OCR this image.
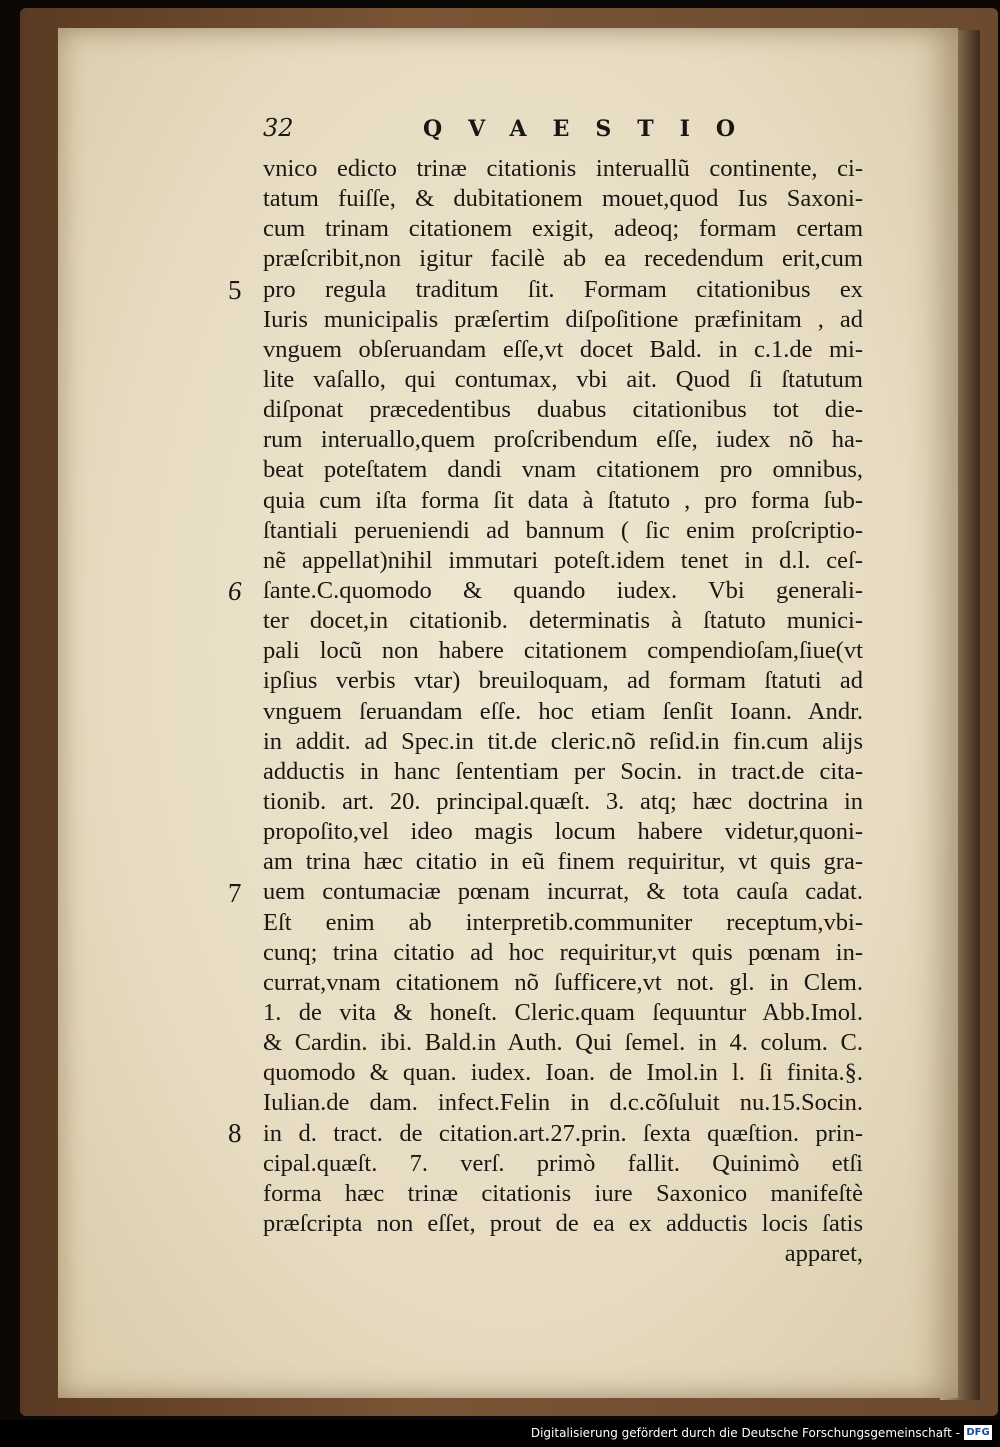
32	QVAESTIO
vnico edicto trinæ citationis interuallũ continente, ci-
tatum fuiſſe, & dubitationem mouet,quod Ius Saxoni-
cum trinam citationem exigit, adeoq; formam certam
præſcribit,non igitur facilè ab ea recedendum erit,cum
pro regula traditum ſit. Formam citationibus ex
Iuris municipalis præſertim diſpoſitione præfinitam , ad
vnguem obſeruandam eſſe,vt docet Bald. in c.1.de mi-
lite vaſallo, qui contumax, vbi ait. Quod ſi ſtatutum
diſponat præcedentibus duabus citationibus tot die-
rum interuallo,quem proſcribendum eſſe, iudex nõ ha-
beat poteſtatem dandi vnam citationem pro omnibus,
quia cum iſta forma ſit data à ſtatuto , pro forma ſub-
ſtantiali perueniendi ad bannum ( ſic enim proſcriptio-
nẽ appellat)nihil immutari poteſt.idem tenet in d.l. ceſ-
ſante.C.quomodo & quando iudex. Vbi generali-
ter docet,in citationib. determinatis à ſtatuto munici-
pali locũ non habere citationem compendioſam,ſiue(vt
ipſius verbis vtar) breuiloquam, ad formam ſtatuti ad
vnguem ſeruandam eſſe. hoc etiam ſenſit Ioann. Andr.
in addit. ad Spec.in tit.de cleric.nõ reſid.in fin.cum alijs
adductis in hanc ſententiam per Socin. in tract.de cita-
tionib. art. 20. principal.quæſt. 3. atq; hæc doctrina in
propoſito,vel ideo magis locum habere videtur,quoni-
am trina hæc citatio in eũ finem requiritur, vt quis gra-
uem contumaciæ pœnam incurrat, & tota cauſa cadat.
Eſt enim ab interpretib.communiter receptum,vbi-
cunq; trina citatio ad hoc requiritur,vt quis pœnam in-
currat,vnam citationem nõ ſufficere,vt not. gl. in Clem.
1. de vita & honeſt. Cleric.quam ſequuntur Abb.Imol.
& Cardin. ibi. Bald.in Auth. Qui ſemel. in 4. colum. C.
quomodo & quan. iudex. Ioan. de Imol.in l. ſi finita.§.
Iulian.de dam. infect.Felin in d.c.cõſuluit nu.15.Socin.
in d. tract. de citation.art.27.prin. ſexta quæſtion. prin-
cipal.quæſt. 7. verſ. primò fallit. Quinimò etſi
forma hæc trinæ citationis iure Saxonico manifeſtè
præſcripta non eſſet, prout de ea ex adductis locis ſatis
apparet,
5
6
7
8
Digitalisierung gefördert durch die Deutsche Forschungsgemeinschaft - DFG
